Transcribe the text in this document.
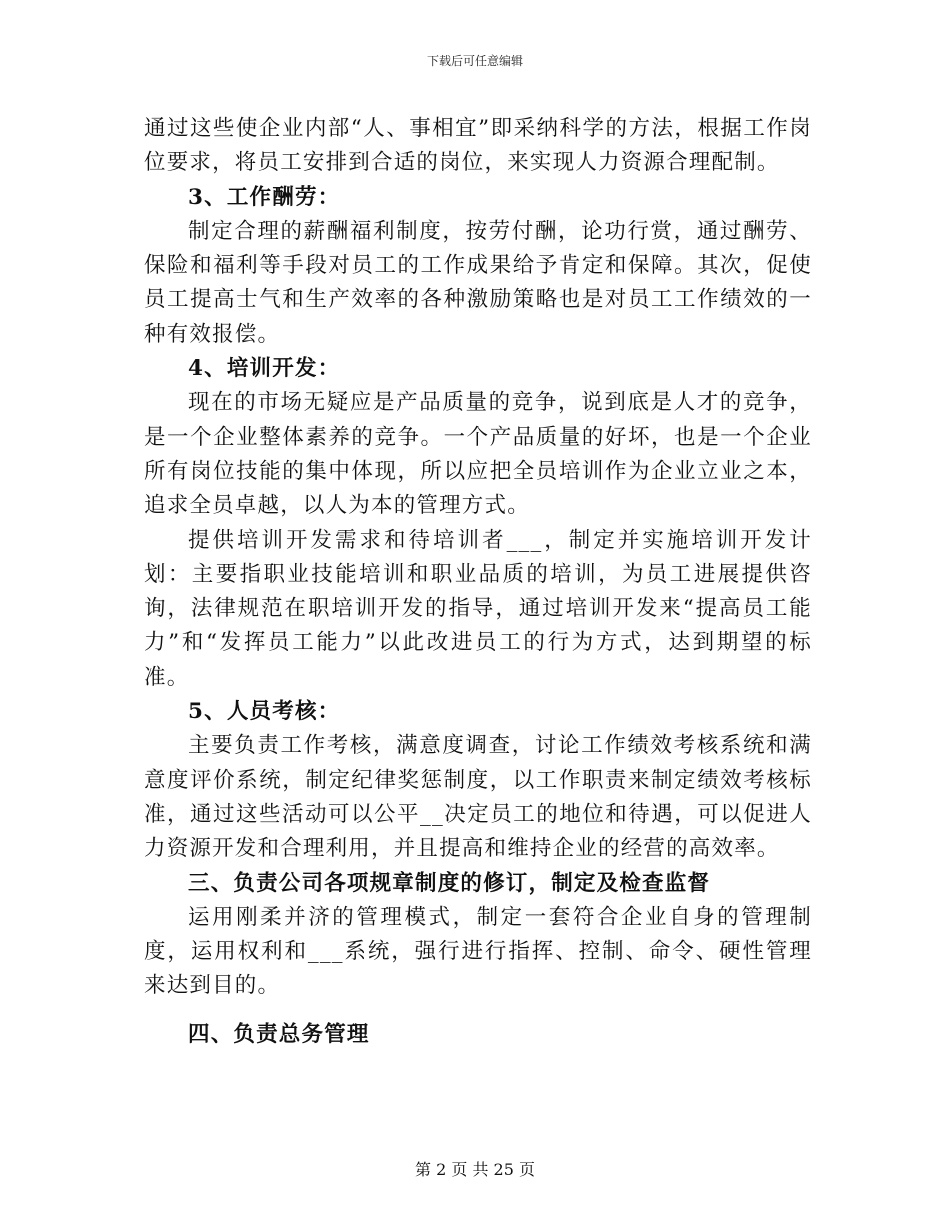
下载后可任意编辑

通过这些使企业内部“人、事相宜”即采纳科学的方法，根据工作岗位要求，将员工安排到合适的岗位，来实现人力资源合理配制。

3、工作酬劳：

制定合理的薪酬福利制度，按劳付酬，论功行赏，通过酬劳、保险和福利等手段对员工的工作成果给予肯定和保障。其次，促使员工提高士气和生产效率的各种激励策略也是对员工工作绩效的一种有效报偿。

4、培训开发：

现在的市场无疑应是产品质量的竞争，说到底是人才的竞争，是一个企业整体素养的竞争。一个产品质量的好坏，也是一个企业所有岗位技能的集中体现，所以应把全员培训作为企业立业之本，追求全员卓越，以人为本的管理方式。

提供培训开发需求和待培训者___，制定并实施培训开发计划：主要指职业技能培训和职业品质的培训，为员工进展提供咨询，法律规范在职培训开发的指导，通过培训开发来“提高员工能力”和“发挥员工能力”以此改进员工的行为方式，达到期望的标准。

5、人员考核：

主要负责工作考核，满意度调查，讨论工作绩效考核系统和满意度评价系统，制定纪律奖惩制度，以工作职责来制定绩效考核标准，通过这些活动可以公平__决定员工的地位和待遇，可以促进人力资源开发和合理利用，并且提高和维持企业的经营的高效率。

三、负责公司各项规章制度的修订，制定及检查监督

运用刚柔并济的管理模式，制定一套符合企业自身的管理制度，运用权利和___系统，强行进行指挥、控制、命令、硬性管理来达到目的。

四、负责总务管理

第 2 页 共 25 页
